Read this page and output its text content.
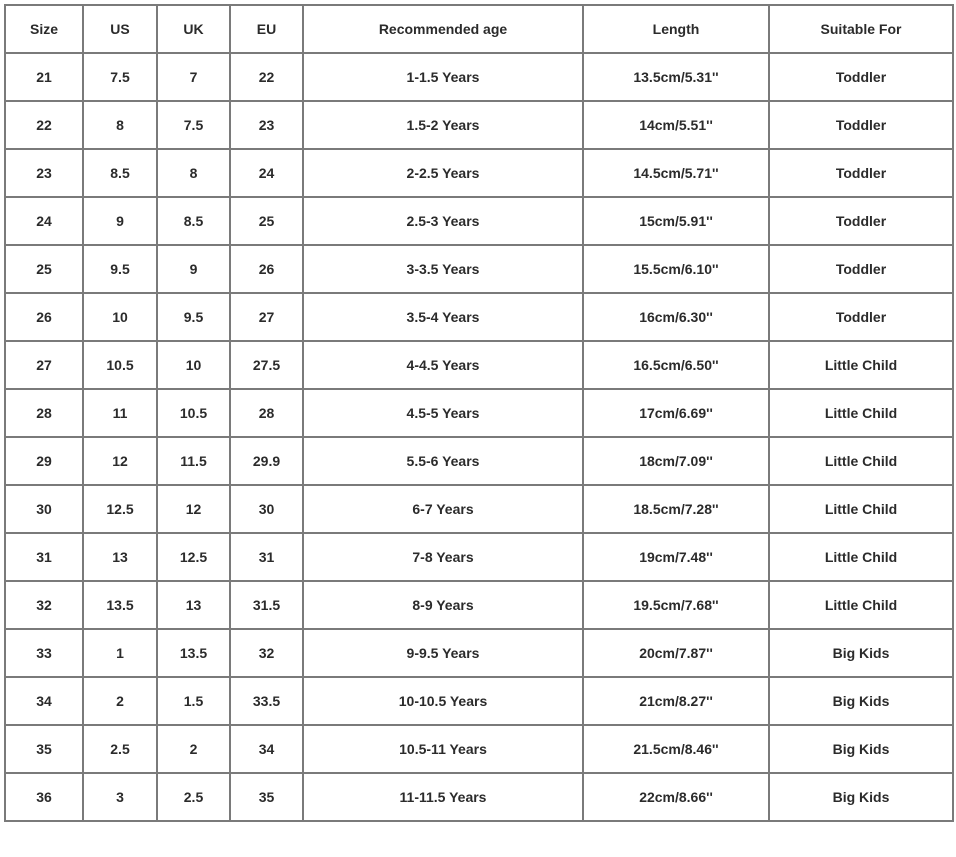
Size	US	UK	EU	Recommended age	Length	Suitable For
21	7.5	7	22	1-1.5 Years	13.5cm/5.31''	Toddler
22	8	7.5	23	1.5-2 Years	14cm/5.51''	Toddler
23	8.5	8	24	2-2.5 Years	14.5cm/5.71''	Toddler
24	9	8.5	25	2.5-3 Years	15cm/5.91''	Toddler
25	9.5	9	26	3-3.5 Years	15.5cm/6.10''	Toddler
26	10	9.5	27	3.5-4 Years	16cm/6.30''	Toddler
27	10.5	10	27.5	4-4.5 Years	16.5cm/6.50''	Little Child
28	11	10.5	28	4.5-5 Years	17cm/6.69''	Little Child
29	12	11.5	29.9	5.5-6 Years	18cm/7.09''	Little Child
30	12.5	12	30	6-7 Years	18.5cm/7.28''	Little Child
31	13	12.5	31	7-8 Years	19cm/7.48''	Little Child
32	13.5	13	31.5	8-9 Years	19.5cm/7.68''	Little Child
33	1	13.5	32	9-9.5 Years	20cm/7.87''	Big Kids
34	2	1.5	33.5	10-10.5 Years	21cm/8.27''	Big Kids
35	2.5	2	34	10.5-11 Years	21.5cm/8.46''	Big Kids
36	3	2.5	35	11-11.5 Years	22cm/8.66''	Big Kids
